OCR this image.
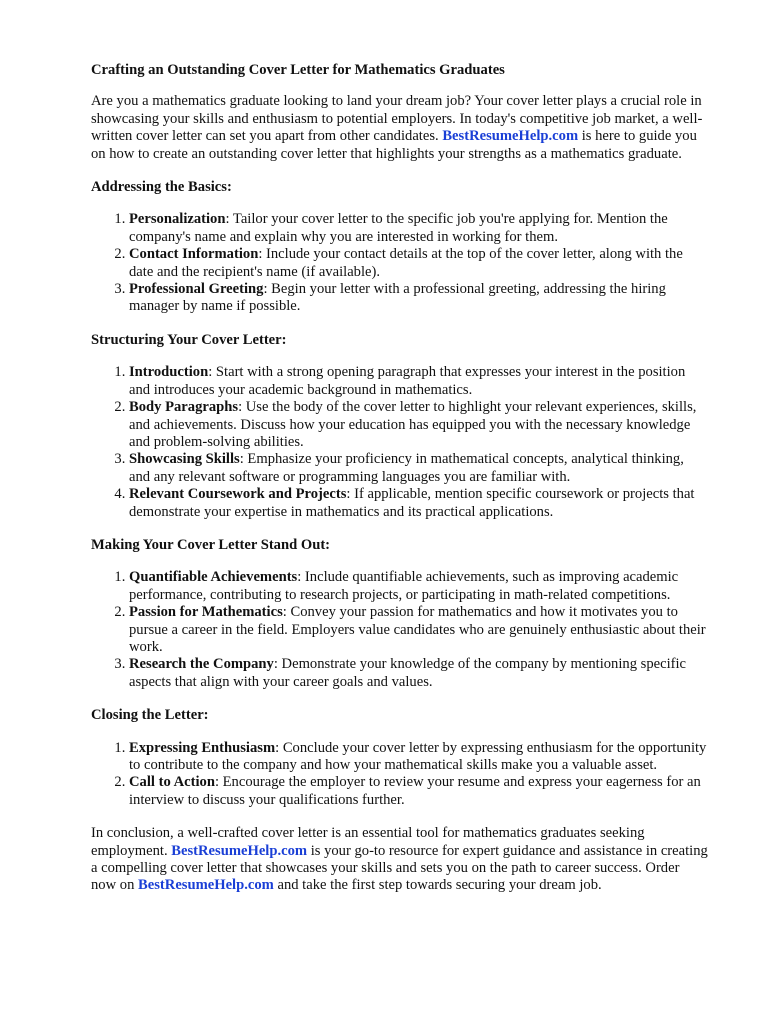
Crafting an Outstanding Cover Letter for Mathematics Graduates

Are you a mathematics graduate looking to land your dream job? Your cover letter plays a crucial role in showcasing your skills and enthusiasm to potential employers. In today's competitive job market, a well-written cover letter can set you apart from other candidates. BestResumeHelp.com is here to guide you on how to create an outstanding cover letter that highlights your strengths as a mathematics graduate.

Addressing the Basics:

1. Personalization: Tailor your cover letter to the specific job you're applying for. Mention the company's name and explain why you are interested in working for them.
2. Contact Information: Include your contact details at the top of the cover letter, along with the date and the recipient's name (if available).
3. Professional Greeting: Begin your letter with a professional greeting, addressing the hiring manager by name if possible.

Structuring Your Cover Letter:

1. Introduction: Start with a strong opening paragraph that expresses your interest in the position and introduces your academic background in mathematics.
2. Body Paragraphs: Use the body of the cover letter to highlight your relevant experiences, skills, and achievements. Discuss how your education has equipped you with the necessary knowledge and problem-solving abilities.
3. Showcasing Skills: Emphasize your proficiency in mathematical concepts, analytical thinking, and any relevant software or programming languages you are familiar with.
4. Relevant Coursework and Projects: If applicable, mention specific coursework or projects that demonstrate your expertise in mathematics and its practical applications.

Making Your Cover Letter Stand Out:

1. Quantifiable Achievements: Include quantifiable achievements, such as improving academic performance, contributing to research projects, or participating in math-related competitions.
2. Passion for Mathematics: Convey your passion for mathematics and how it motivates you to pursue a career in the field. Employers value candidates who are genuinely enthusiastic about their work.
3. Research the Company: Demonstrate your knowledge of the company by mentioning specific aspects that align with your career goals and values.

Closing the Letter:

1. Expressing Enthusiasm: Conclude your cover letter by expressing enthusiasm for the opportunity to contribute to the company and how your mathematical skills make you a valuable asset.
2. Call to Action: Encourage the employer to review your resume and express your eagerness for an interview to discuss your qualifications further.

In conclusion, a well-crafted cover letter is an essential tool for mathematics graduates seeking employment. BestResumeHelp.com is your go-to resource for expert guidance and assistance in creating a compelling cover letter that showcases your skills and sets you on the path to career success. Order now on BestResumeHelp.com and take the first step towards securing your dream job.
